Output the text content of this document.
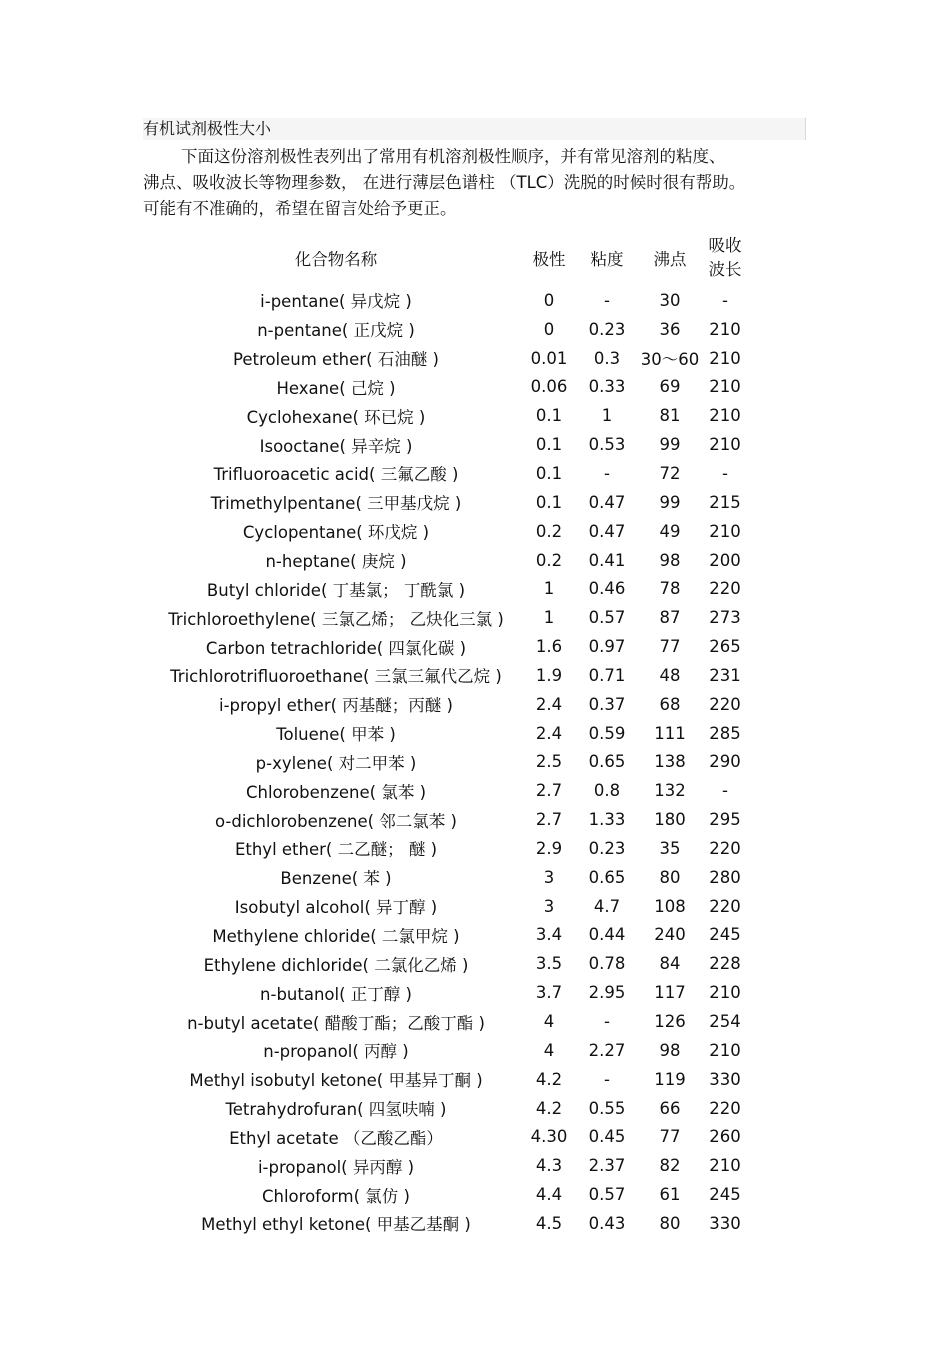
有机试剂极性大小

下面这份溶剂极性表列出了常用有机溶剂极性顺序，并有常见溶剂的粘度、

沸点、吸收波长等物理参数， 在进行薄层色谱柱 （TLC）洗脱的时候时很有帮助。

可能有不准确的，希望在留言处给予更正。

化合物名称	极性	粘度	沸点	吸收
波长

i-pentane( 异戊烷 )	0	-	30	-
n-pentane( 正戊烷 )	0	0.23	36	210
Petroleum ether( 石油醚 )	0.01	0.3	30～60	210
Hexane( 己烷 )	0.06	0.33	69	210
Cyclohexane( 环已烷 )	0.1	1	81	210
Isooctane( 异辛烷 )	0.1	0.53	99	210
Trifluoroacetic acid( 三氟乙酸 )	0.1	-	72	-
Trimethylpentane( 三甲基戊烷 )	0.1	0.47	99	215
Cyclopentane( 环戊烷 )	0.2	0.47	49	210
n-heptane( 庚烷 )	0.2	0.41	98	200
Butyl chloride( 丁基氯； 丁酰氯 )	1	0.46	78	220
Trichloroethylene( 三氯乙烯； 乙炔化三氯 )	1	0.57	87	273
Carbon tetrachloride( 四氯化碳 )	1.6	0.97	77	265
Trichlorotrifluoroethane( 三氯三氟代乙烷 )	1.9	0.71	48	231
i-propyl ether( 丙基醚；丙醚 )	2.4	0.37	68	220
Toluene( 甲苯 )	2.4	0.59	111	285
p-xylene( 对二甲苯 )	2.5	0.65	138	290
Chlorobenzene( 氯苯 )	2.7	0.8	132	-
o-dichlorobenzene( 邻二氯苯 )	2.7	1.33	180	295
Ethyl ether( 二乙醚； 醚 )	2.9	0.23	35	220
Benzene( 苯 )	3	0.65	80	280
Isobutyl alcohol( 异丁醇 )	3	4.7	108	220
Methylene chloride( 二氯甲烷 )	3.4	0.44	240	245
Ethylene dichloride( 二氯化乙烯 )	3.5	0.78	84	228
n-butanol( 正丁醇 )	3.7	2.95	117	210
n-butyl acetate( 醋酸丁酯；乙酸丁酯 )	4	-	126	254
n-propanol( 丙醇 )	4	2.27	98	210
Methyl isobutyl ketone( 甲基异丁酮 )	4.2	-	119	330
Tetrahydrofuran( 四氢呋喃 )	4.2	0.55	66	220
Ethyl acetate （乙酸乙酯）	4.30	0.45	77	260
i-propanol( 异丙醇 )	4.3	2.37	82	210
Chloroform( 氯仿 )	4.4	0.57	61	245
Methyl ethyl ketone( 甲基乙基酮 )	4.5	0.43	80	330
